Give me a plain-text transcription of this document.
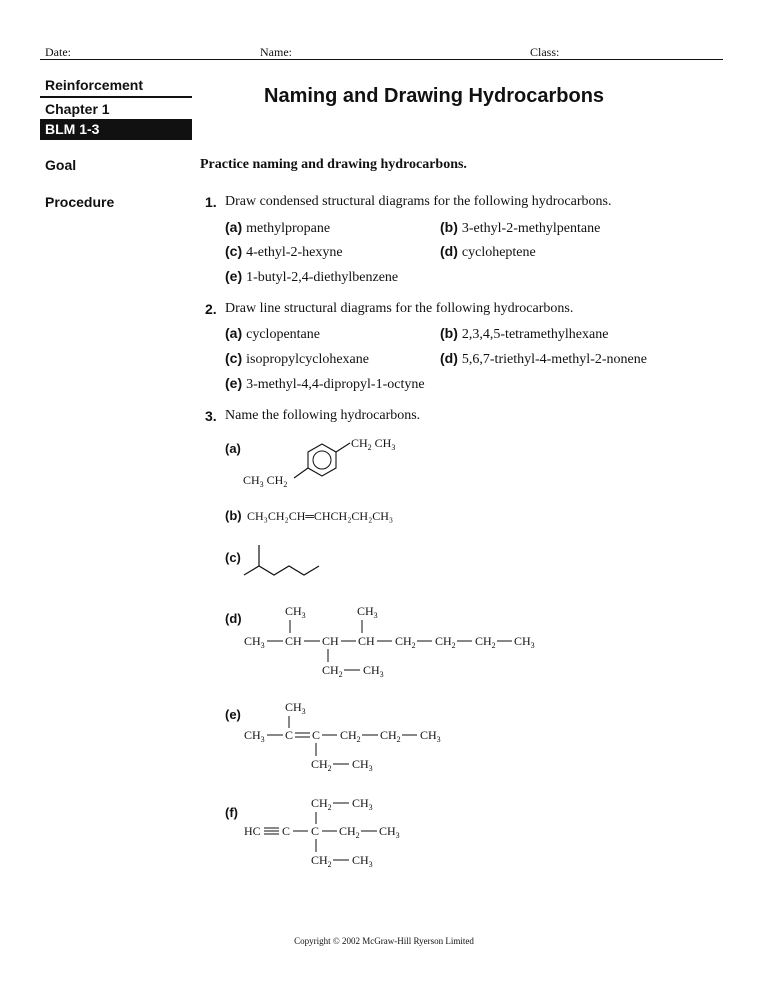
Date:	Name:	Class:
Reinforcement
Chapter 1
BLM 1-3
Goal
Procedure
Naming and Drawing Hydrocarbons
Practice naming and drawing hydrocarbons.
1. Draw condensed structural diagrams for the following hydrocarbons.
(a) methylpropane	(b) 3-ethyl-2-methylpentane
(c) 4-ethyl-2-hexyne	(d) cycloheptene
(e) 1-butyl-2,4-diethylbenzene
2. Draw line structural diagrams for the following hydrocarbons.
(a) cyclopentane	(b) 2,3,4,5-tetramethylhexane
(c) isopropylcyclohexane	(d) 5,6,7-triethyl-4-methyl-2-nonene
(e) 3-methyl-4,4-dipropyl-1-octyne
3. Name the following hydrocarbons.
(a)	$CH_2$ $CH_3$
$CH_3$ $CH_2$
(b) CH₃CH₂CH═CHCH₂CH₂CH₃
(c)
(d)	$CH_3$	$CH_3$
$CH_3$ CH CH CH $CH_2$ $CH_2$ $CH_2$ $CH_3$
$CH_2$ $CH_3$
(e)	$CH_3$
$CH_3$ C C $CH_2$ $CH_2$ $CH_3$
$CH_2$ $CH_3$
(f)
$CH_2$ $CH_3$
HC C C $CH_2$ $CH_3$
$CH_2$ $CH_3$
Copyright © 2002 McGraw-Hill Ryerson Limited
